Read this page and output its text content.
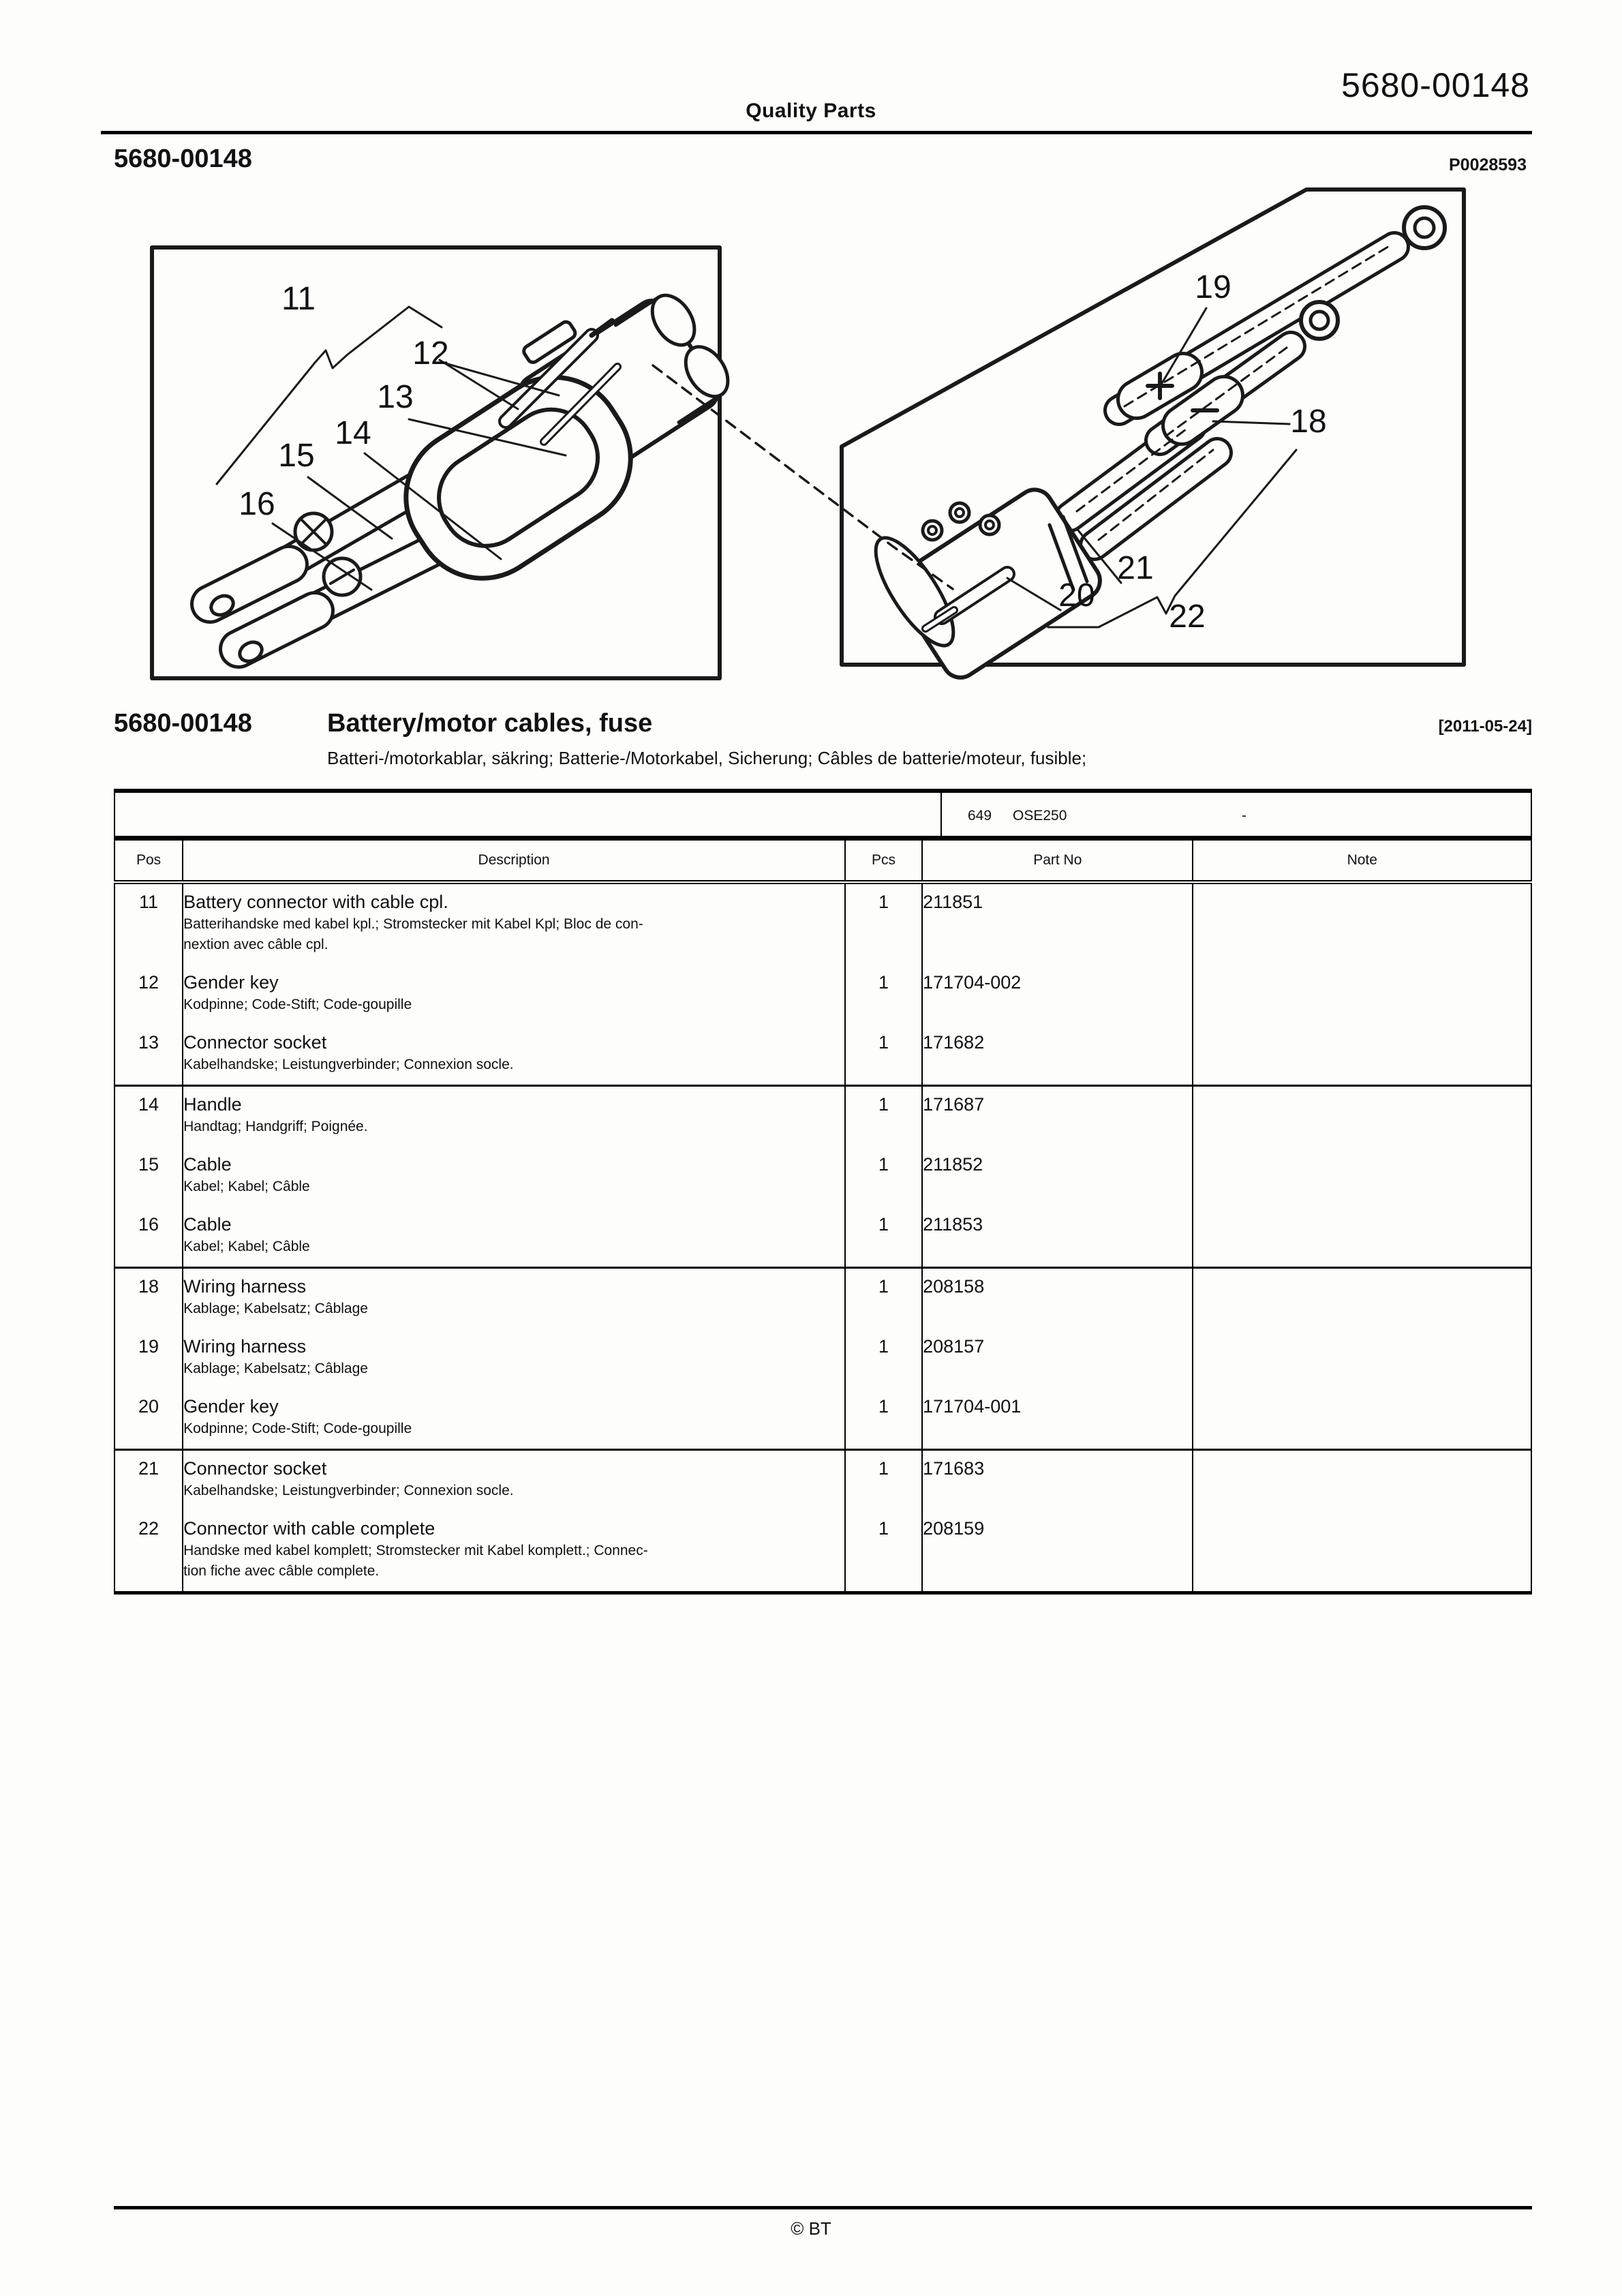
Quality Parts
5680-00148
5680-00148	P0028593
11
12
13
14
15
16
19
18
21
20
22
5680-00148	Battery/motor cables, fuse	[2011-05-24]
Batteri-/motorkablar, säkring; Batterie-/Motorkabel, Sicherung; Câbles de batterie/moteur, fusible;
649 OSE250	-
Pos	Description	Pcs	Part No	Note
11	Battery connector with cable cpl.
Batterihandske med kabel kpl.; Stromstecker mit Kabel Kpl; Bloc de con-
nextion avec câble cpl.	1	211851	
12	Gender key
Kodpinne; Code-Stift; Code-goupille	1	171704-002	
13	Connector socket
Kabelhandske; Leistungverbinder; Connexion socle.	1	171682	
14	Handle
Handtag; Handgriff; Poignée.	1	171687	
15	Cable
Kabel; Kabel; Câble	1	211852	
16	Cable
Kabel; Kabel; Câble	1	211853	
18	Wiring harness
Kablage; Kabelsatz; Câblage	1	208158	
19	Wiring harness
Kablage; Kabelsatz; Câblage	1	208157	
20	Gender key
Kodpinne; Code-Stift; Code-goupille	1	171704-001	
21	Connector socket
Kabelhandske; Leistungverbinder; Connexion socle.	1	171683	
22	Connector with cable complete
Handske med kabel komplett; Stromstecker mit Kabel komplett.; Connec-
tion fiche avec câble complete.	1	208159	
© BT
